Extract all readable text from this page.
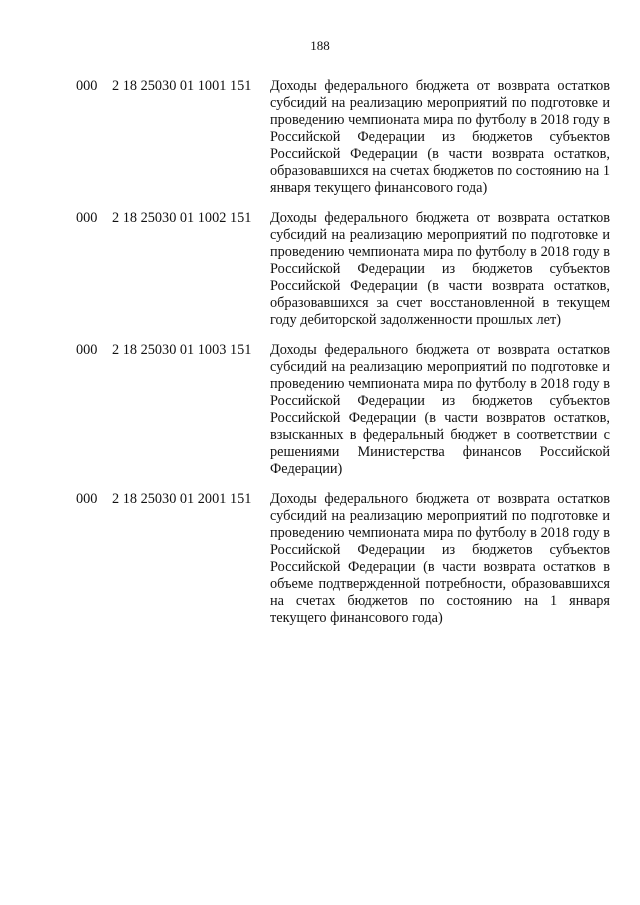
188
000 2 18 25030 01 1001 151 Доходы федерального бюджета от возврата остатков субсидий на реализацию мероприятий по подготовке и проведению чемпионата мира по футболу в 2018 году в Российской Федерации из бюджетов субъектов Российской Федерации (в части возврата остатков, образовавшихся на счетах бюджетов по состоянию на 1 января текущего финансового года)
000 2 18 25030 01 1002 151 Доходы федерального бюджета от возврата остатков субсидий на реализацию мероприятий по подготовке и проведению чемпионата мира по футболу в 2018 году в Российской Федерации из бюджетов субъектов Российской Федерации (в части возврата остатков, образовавшихся за счет восстановленной в текущем году дебиторской задолженности прошлых лет)
000 2 18 25030 01 1003 151 Доходы федерального бюджета от возврата остатков субсидий на реализацию мероприятий по подготовке и проведению чемпионата мира по футболу в 2018 году в Российской Федерации из бюджетов субъектов Российской Федерации (в части возвратов остатков, взысканных в федеральный бюджет в соответствии с решениями Министерства финансов Российской Федерации)
000 2 18 25030 01 2001 151 Доходы федерального бюджета от возврата остатков субсидий на реализацию мероприятий по подготовке и проведению чемпионата мира по футболу в 2018 году в Российской Федерации из бюджетов субъектов Российской Федерации (в части возврата остатков в объеме подтвержденной потребности, образовавшихся на счетах бюджетов по состоянию на 1 января текущего финансового года)
